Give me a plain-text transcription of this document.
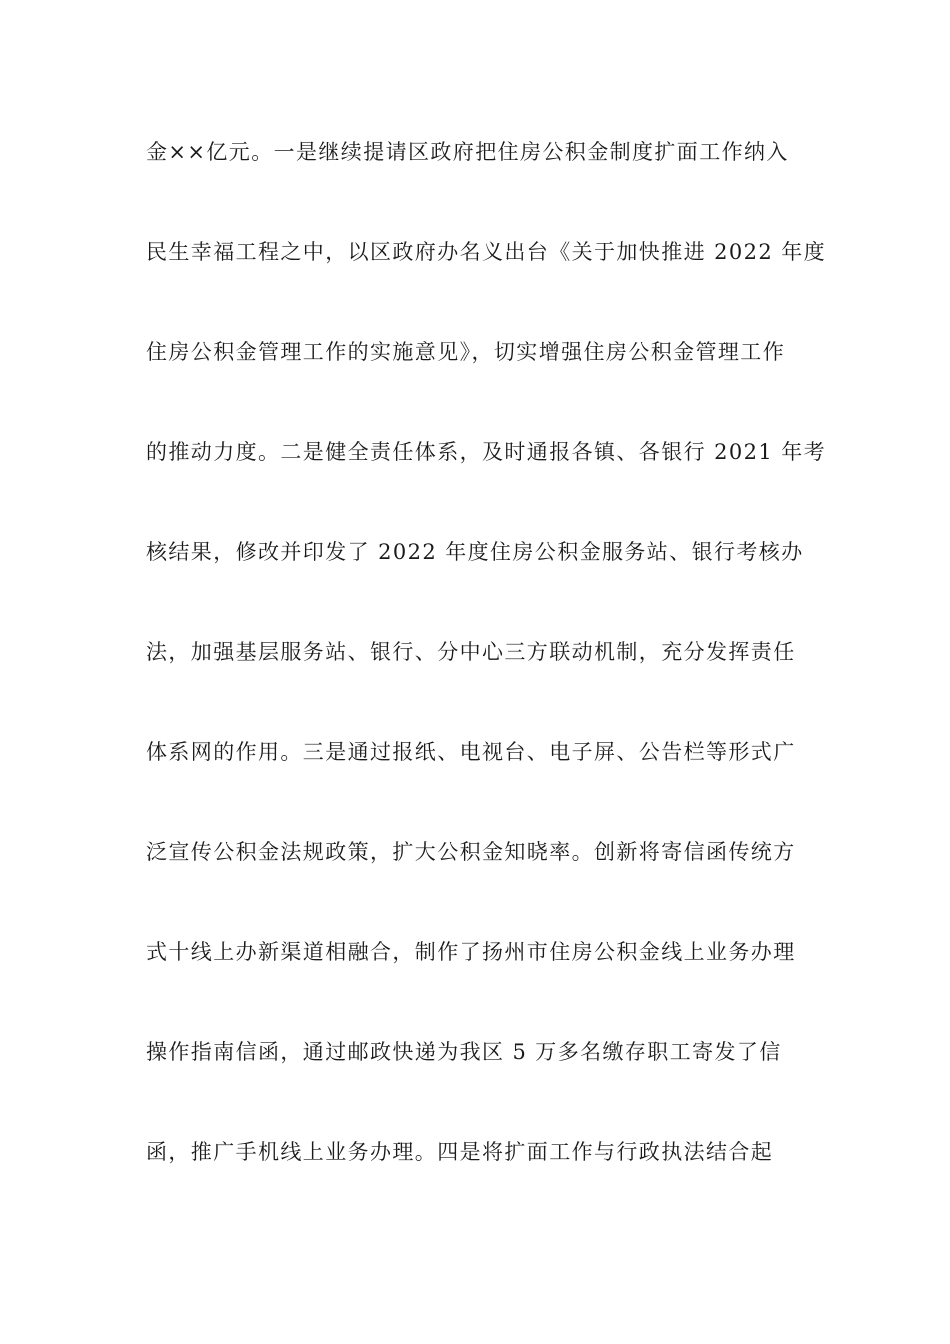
金××亿元。一是继续提请区政府把住房公积金制度扩面工作纳入
民生幸福工程之中，以区政府办名义出台《关于加快推进 2022 年度
住房公积金管理工作的实施意见》，切实增强住房公积金管理工作
的推动力度。二是健全责任体系，及时通报各镇、各银行 2021 年考
核结果，修改并印发了 2022 年度住房公积金服务站、银行考核办
法，加强基层服务站、银行、分中心三方联动机制，充分发挥责任
体系网的作用。三是通过报纸、电视台、电子屏、公告栏等形式广
泛宣传公积金法规政策，扩大公积金知晓率。创新将寄信函传统方
式十线上办新渠道相融合，制作了扬州市住房公积金线上业务办理
操作指南信函，通过邮政快递为我区 5 万多名缴存职工寄发了信
函，推广手机线上业务办理。四是将扩面工作与行政执法结合起
